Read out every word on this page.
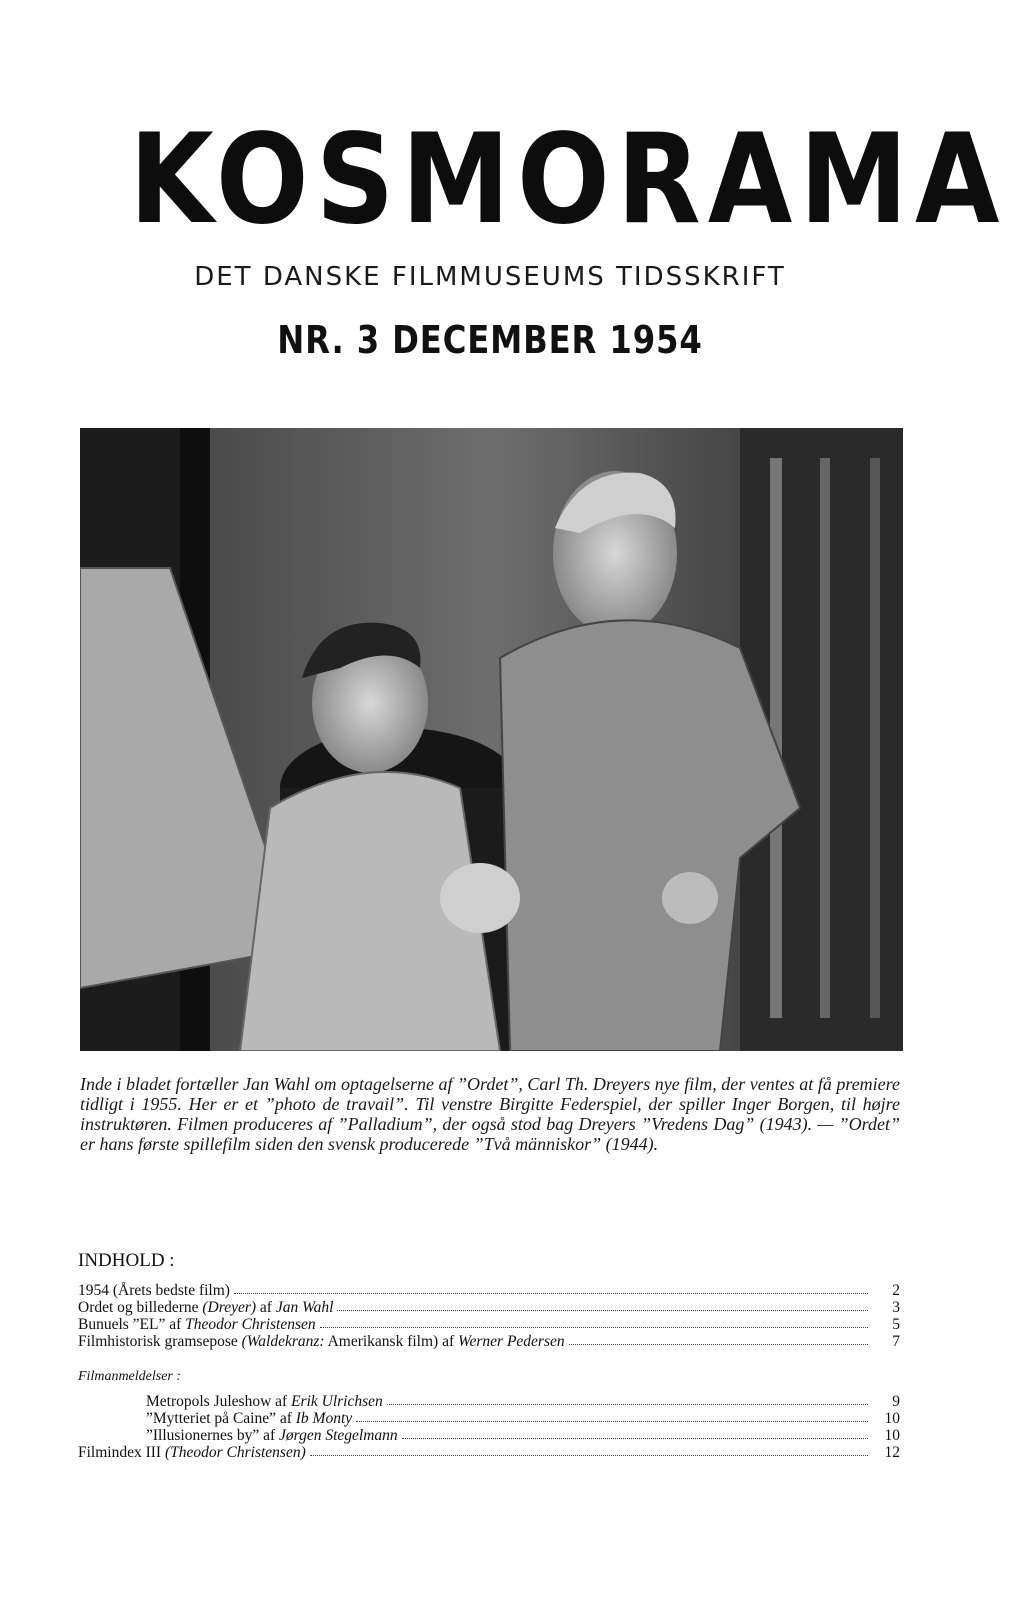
KOSMORAMA
DET DANSKE FILMMUSEUMS TIDSSKRIFT
NR. 3 DECEMBER 1954
Inde i bladet fortæller Jan Wahl om optagelserne af ”Ordet”, Carl Th. Dreyers nye film, der ventes at få premiere tidligt i 1955. Her er et ”photo de travail”. Til venstre Birgitte Federspiel, der spiller Inger Borgen, til højre instruktøren. Filmen produceres af ”Palladium”, der også stod bag Dreyers ”Vredens Dag” (1943). — ”Ordet” er hans første spillefilm siden den svensk producerede ”Två människor” (1944).
INDHOLD :
1954 (Årets bedste film)	2
Ordet og billederne (Dreyer) af Jan Wahl	3
Bunuels ”EL” af Theodor Christensen	5
Filmhistorisk gramsepose (Waldekranz: Amerikansk film) af Werner Pedersen	7
Filmanmeldelser :
Metropols Juleshow af Erik Ulrichsen	9
”Mytteriet på Caine” af Ib Monty	10
”Illusionernes by” af Jørgen Stegelmann	10
Filmindex III (Theodor Christensen)	12
